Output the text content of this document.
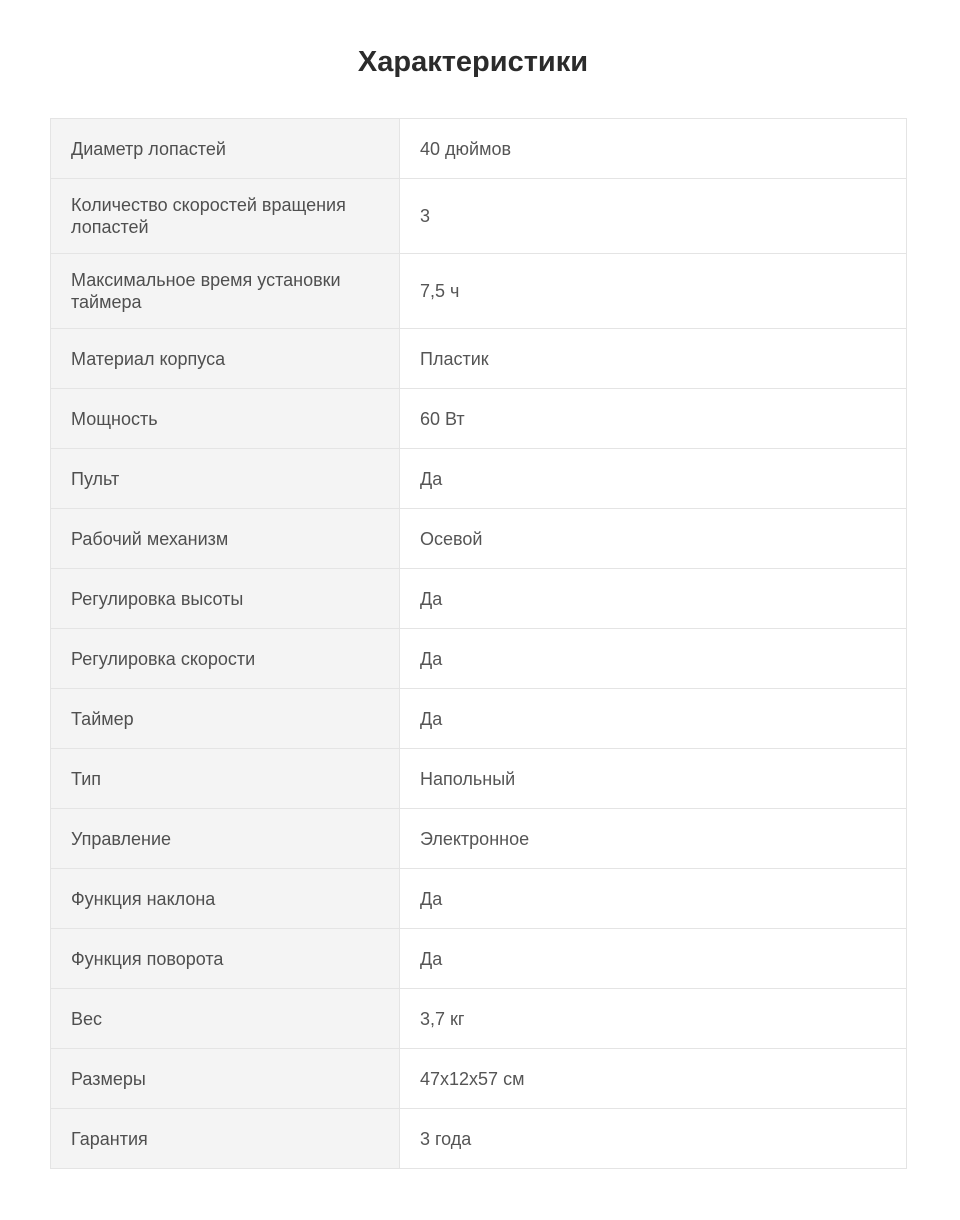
Характеристики
Диаметр лопастей	40 дюймов
Количество скоростей вращения лопастей	3
Максимальное время установки таймера	7,5 ч
Материал корпуса	Пластик
Мощность	60 Вт
Пульт	Да
Рабочий механизм	Осевой
Регулировка высоты	Да
Регулировка скорости	Да
Таймер	Да
Тип	Напольный
Управление	Электронное
Функция наклона	Да
Функция поворота	Да
Вес	3,7 кг
Размеры	47х12х57 см
Гарантия	3 года
